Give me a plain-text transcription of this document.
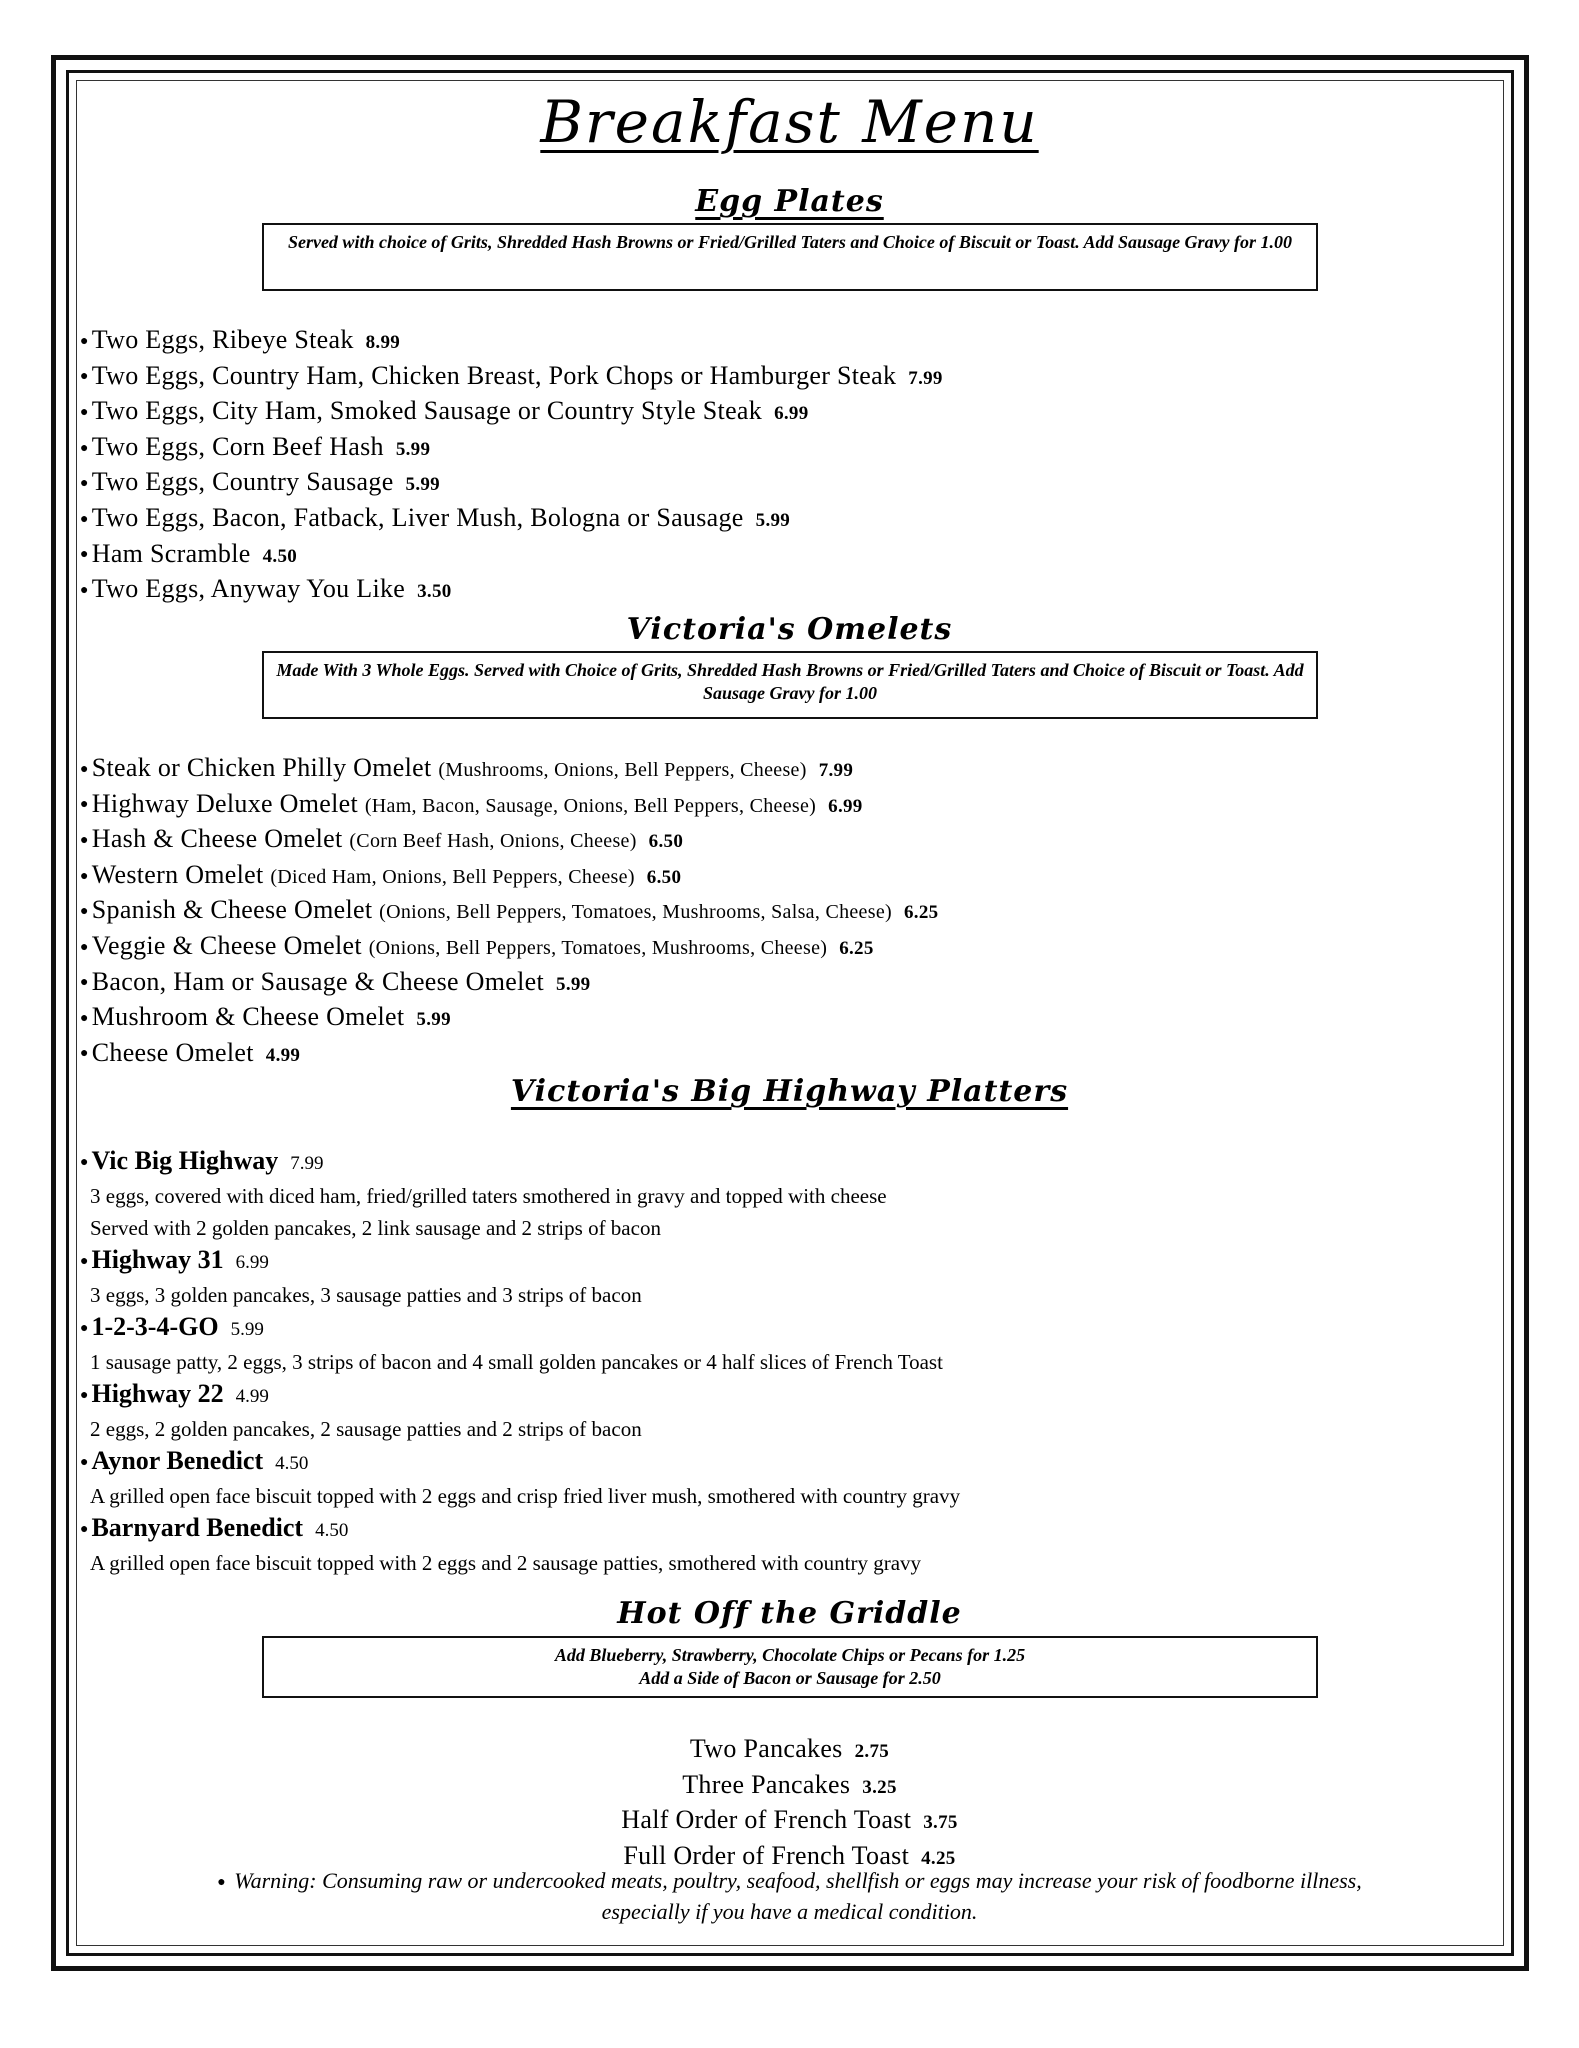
Breakfast Menu
Egg Plates
Served with choice of Grits, Shredded Hash Browns or Fried/Grilled Taters and Choice of Biscuit or Toast. Add Sausage Gravy for 1.00
● Two Eggs, Ribeye Steak 8.99
● Two Eggs, Country Ham, Chicken Breast, Pork Chops or Hamburger Steak 7.99
● Two Eggs, City Ham, Smoked Sausage or Country Style Steak 6.99
● Two Eggs, Corn Beef Hash 5.99
● Two Eggs, Country Sausage 5.99
● Two Eggs, Bacon, Fatback, Liver Mush, Bologna or Sausage 5.99
● Ham Scramble 4.50
● Two Eggs, Anyway You Like 3.50
Victoria's Omelets
Made With 3 Whole Eggs. Served with Choice of Grits, Shredded Hash Browns or Fried/Grilled Taters and Choice of Biscuit or Toast. Add Sausage Gravy for 1.00
● Steak or Chicken Philly Omelet (Mushrooms, Onions, Bell Peppers, Cheese) 7.99
● Highway Deluxe Omelet (Ham, Bacon, Sausage, Onions, Bell Peppers, Cheese) 6.99
● Hash & Cheese Omelet (Corn Beef Hash, Onions, Cheese) 6.50
● Western Omelet (Diced Ham, Onions, Bell Peppers, Cheese) 6.50
● Spanish & Cheese Omelet (Onions, Bell Peppers, Tomatoes, Mushrooms, Salsa, Cheese) 6.25
● Veggie & Cheese Omelet (Onions, Bell Peppers, Tomatoes, Mushrooms, Cheese) 6.25
● Bacon, Ham or Sausage & Cheese Omelet 5.99
● Mushroom & Cheese Omelet 5.99
● Cheese Omelet 4.99
Victoria's Big Highway Platters
● Vic Big Highway 7.99
3 eggs, covered with diced ham, fried/grilled taters smothered in gravy and topped with cheese
Served with 2 golden pancakes, 2 link sausage and 2 strips of bacon
● Highway 31 6.99
3 eggs, 3 golden pancakes, 3 sausage patties and 3 strips of bacon
● 1-2-3-4-GO 5.99
1 sausage patty, 2 eggs, 3 strips of bacon and 4 small golden pancakes or 4 half slices of French Toast
● Highway 22 4.99
2 eggs, 2 golden pancakes, 2 sausage patties and 2 strips of bacon
● Aynor Benedict 4.50
A grilled open face biscuit topped with 2 eggs and crisp fried liver mush, smothered with country gravy
● Barnyard Benedict 4.50
A grilled open face biscuit topped with 2 eggs and 2 sausage patties, smothered with country gravy
Hot Off the Griddle
Add Blueberry, Strawberry, Chocolate Chips or Pecans for 1.25
Add a Side of Bacon or Sausage for 2.50
Two Pancakes 2.75
Three Pancakes 3.25
Half Order of French Toast 3.75
Full Order of French Toast 4.25
● Warning: Consuming raw or undercooked meats, poultry, seafood, shellfish or eggs may increase your risk of foodborne illness,
especially if you have a medical condition.
